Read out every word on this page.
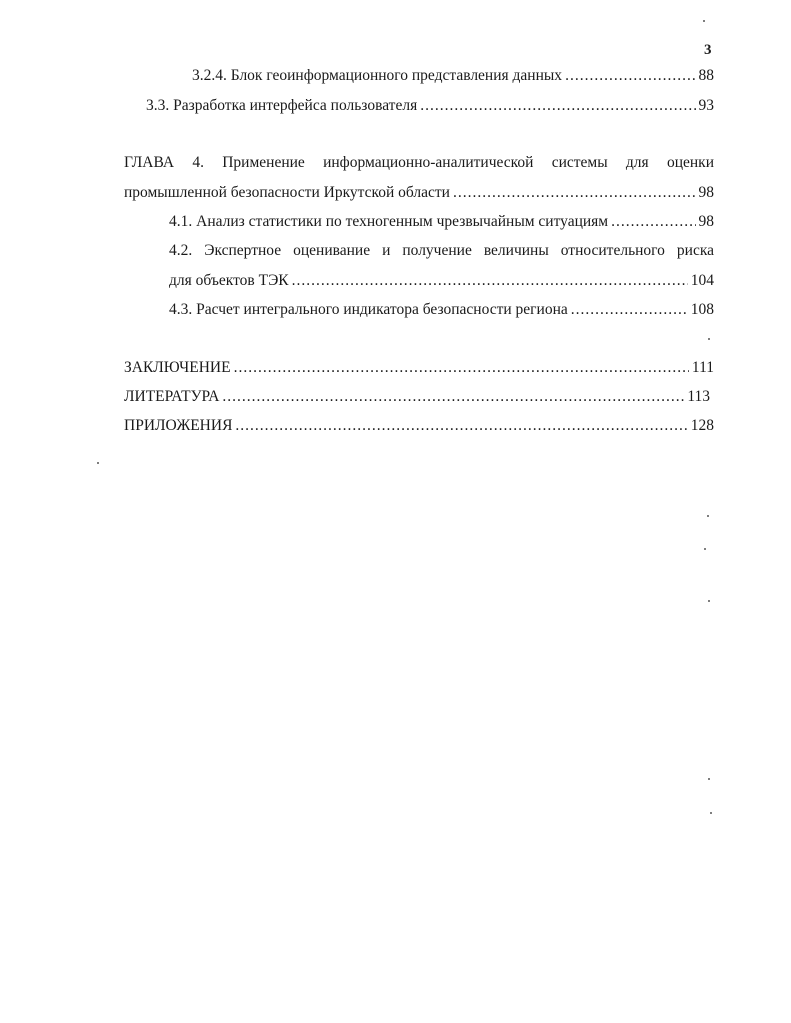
3
3.2.4. Блок геоинформационного представления данных .....	88
3.3. Разработка интерфейса пользователя .....	93
ГЛАВА 4. Применение информационно-аналитической системы для оценки
промышленной безопасности Иркутской области .....	98
4.1. Анализ статистики по техногенным чрезвычайным ситуациям .....	98
4.2. Экспертное оценивание и получение величины относительного риска
для объектов ТЭК .....	104
4.3. Расчет интегрального индикатора безопасности региона .....	108
ЗАКЛЮЧЕНИЕ .....	111
ЛИТЕРАТУРА .....	113
ПРИЛОЖЕНИЯ .....	128
